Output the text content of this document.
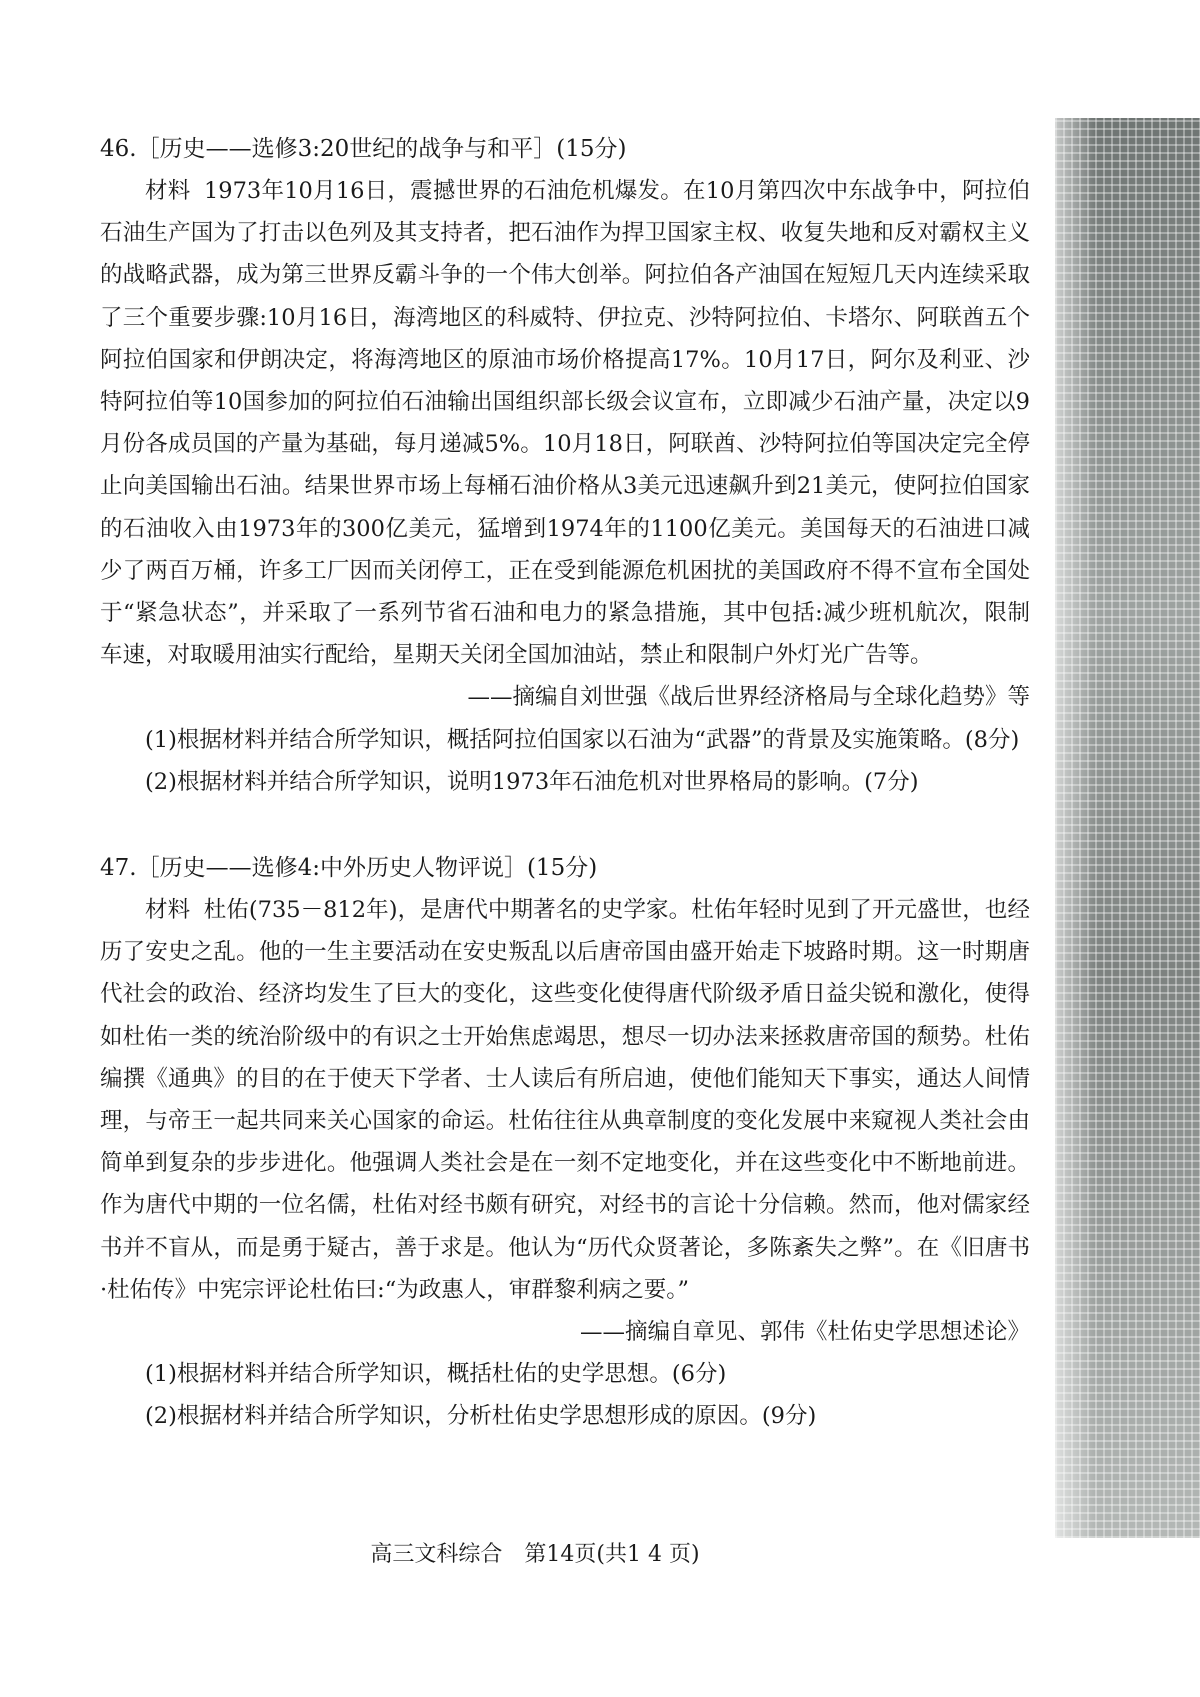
46.［历史——选修3:20世纪的战争与和平］(15分)

材料 1973年10月16日，震撼世界的石油危机爆发。在10月第四次中东战争中，阿拉伯石油生产国为了打击以色列及其支持者，把石油作为捍卫国家主权、收复失地和反对霸权主义的战略武器，成为第三世界反霸斗争的一个伟大创举。阿拉伯各产油国在短短几天内连续采取了三个重要步骤:10月16日，海湾地区的科威特、伊拉克、沙特阿拉伯、卡塔尔、阿联酋五个阿拉伯国家和伊朗决定，将海湾地区的原油市场价格提高17%。10月17日，阿尔及利亚、沙特阿拉伯等10国参加的阿拉伯石油输出国组织部长级会议宣布，立即减少石油产量，决定以9月份各成员国的产量为基础，每月递减5%。10月18日，阿联酋、沙特阿拉伯等国决定完全停止向美国输出石油。结果世界市场上每桶石油价格从3美元迅速飙升到21美元，使阿拉伯国家的石油收入由1973年的300亿美元，猛增到1974年的1100亿美元。美国每天的石油进口减少了两百万桶，许多工厂因而关闭停工，正在受到能源危机困扰的美国政府不得不宣布全国处于“紧急状态”，并采取了一系列节省石油和电力的紧急措施，其中包括:减少班机航次，限制车速，对取暖用油实行配给，星期天关闭全国加油站，禁止和限制户外灯光广告等。

——摘编自刘世强《战后世界经济格局与全球化趋势》等

(1)根据材料并结合所学知识，概括阿拉伯国家以石油为“武器”的背景及实施策略。(8分)

(2)根据材料并结合所学知识，说明1973年石油危机对世界格局的影响。(7分)

47.［历史——选修4:中外历史人物评说］(15分)

材料 杜佑(735－812年)，是唐代中期著名的史学家。杜佑年轻时见到了开元盛世，也经历了安史之乱。他的一生主要活动在安史叛乱以后唐帝国由盛开始走下坡路时期。这一时期唐代社会的政治、经济均发生了巨大的变化，这些变化使得唐代阶级矛盾日益尖锐和激化，使得如杜佑一类的统治阶级中的有识之士开始焦虑竭思，想尽一切办法来拯救唐帝国的颓势。杜佑编撰《通典》的目的在于使天下学者、士人读后有所启迪，使他们能知天下事实，通达人间情理，与帝王一起共同来关心国家的命运。杜佑往往从典章制度的变化发展中来窥视人类社会由简单到复杂的步步进化。他强调人类社会是在一刻不定地变化，并在这些变化中不断地前进。作为唐代中期的一位名儒，杜佑对经书颇有研究，对经书的言论十分信赖。然而，他对儒家经书并不盲从，而是勇于疑古，善于求是。他认为“历代众贤著论，多陈紊失之弊”。在《旧唐书·杜佑传》中宪宗评论杜佑曰:“为政惠人，审群黎利病之要。”

——摘编自章见、郭伟《杜佑史学思想述论》

(1)根据材料并结合所学知识，概括杜佑的史学思想。(6分)

(2)根据材料并结合所学知识，分析杜佑史学思想形成的原因。(9分)

高三文科综合　第14页(共1 4 页)
